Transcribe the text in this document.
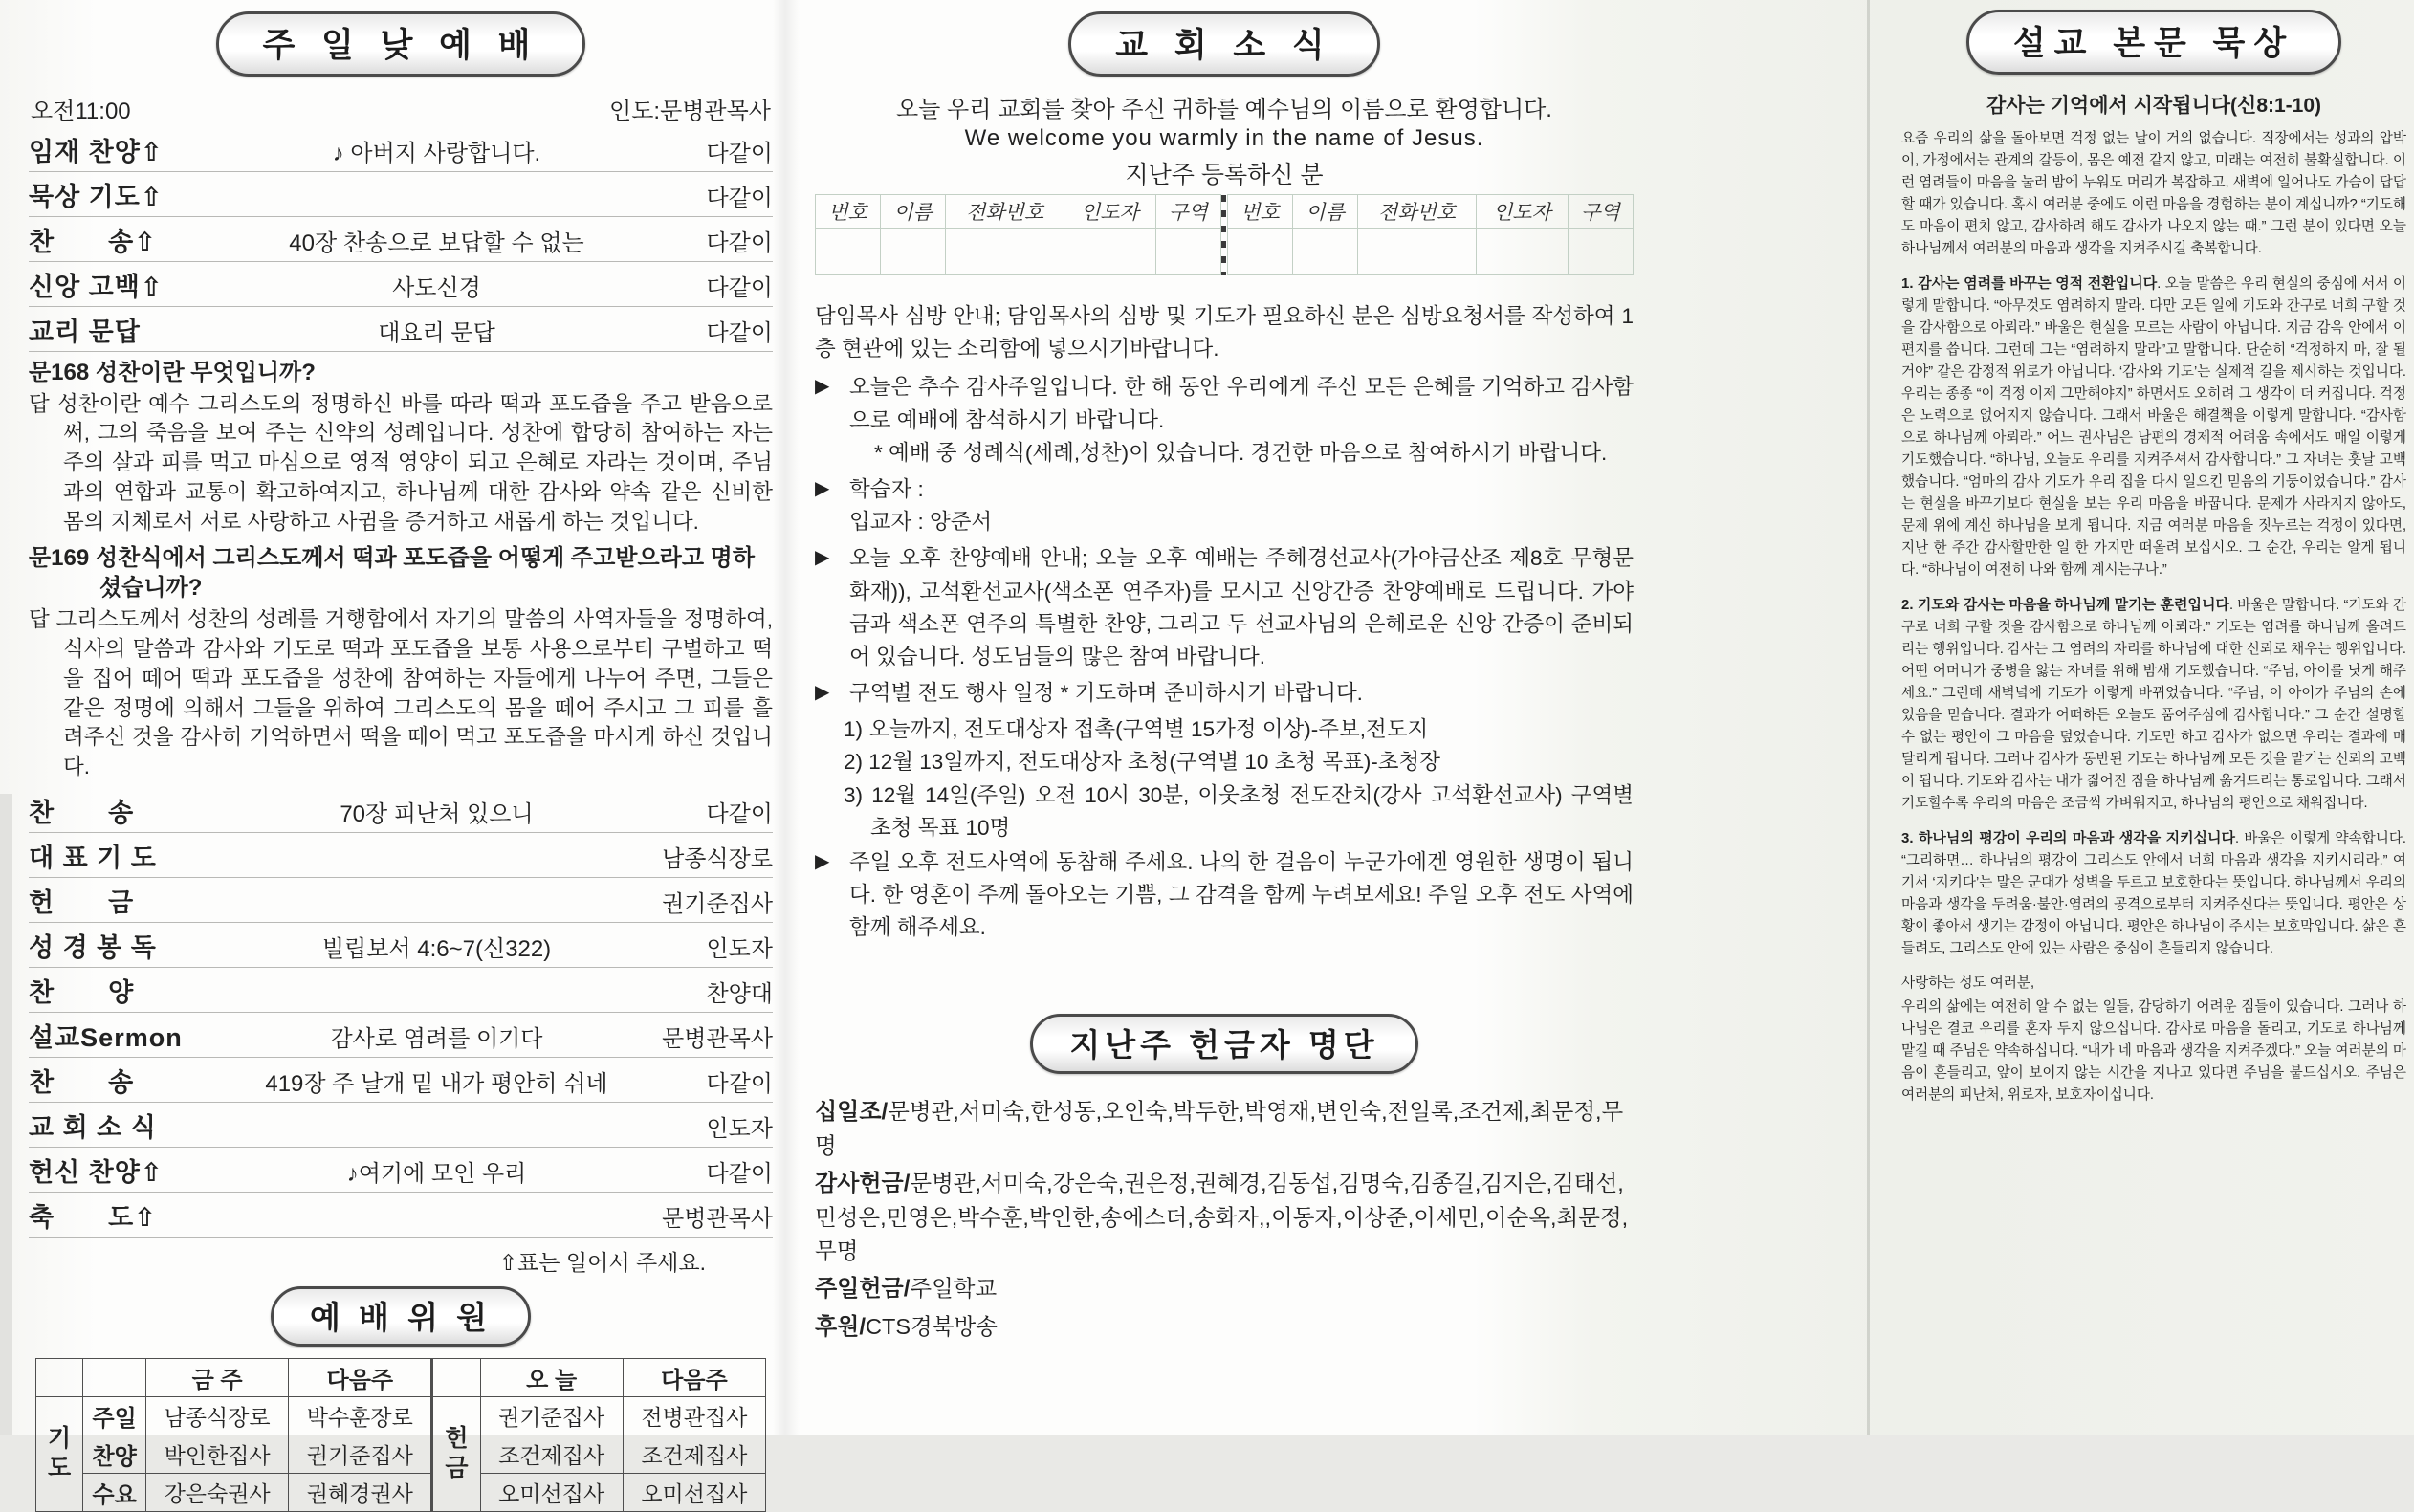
주 일 낮 예 배
오전11:00	인도:문병관목사
임재 찬양⇧	♪ 아버지 사랑합니다.	다같이
묵상 기도⇧	다같이
찬　　송⇧	40장 찬송으로 보답할 수 없는	다같이
신앙 고백⇧	사도신경	다같이
교리 문답	대요리 문답	다같이
문168 성찬이란 무엇입니까?
답 성찬이란 예수 그리스도의 정명하신 바를 따라 떡과 포도즙을 주고 받음으로써, 그의 죽음을 보여 주는 신약의 성례입니다. 성찬에 합당히 참여하는 자는 주의 살과 피를 먹고 마심으로 영적 영양이 되고 은혜로 자라는 것이며, 주님과의 연합과 교통이 확고하여지고, 하나님께 대한 감사와 약속 같은 신비한 몸의 지체로서 서로 사랑하고 사귐을 증거하고 새롭게 하는 것입니다.
문169 성찬식에서 그리스도께서 떡과 포도즙을 어떻게 주고받으라고 명하셨습니까?
답 그리스도께서 성찬의 성례를 거행함에서 자기의 말씀의 사역자들을 정명하여, 식사의 말씀과 감사와 기도로 떡과 포도즙을 보통 사용으로부터 구별하고 떡을 집어 떼어 떡과 포도즙을 성찬에 참여하는 자들에게 나누어 주면, 그들은 같은 정명에 의해서 그들을 위하여 그리스도의 몸을 떼어 주시고 그 피를 흘려주신 것을 감사히 기억하면서 떡을 떼어 먹고 포도즙을 마시게 하신 것입니다.
찬　　송	70장 피난처 있으니	다같이
대 표 기 도	남종식장로
헌　　금	권기준집사
성 경 봉 독	빌립보서 4:6~7(신322)	인도자
찬　　양	찬양대
설교Sermon	감사로 염려를 이기다	문병관목사
찬　　송	419장 주 날개 밑 내가 평안히 쉬네	다같이
교 회 소 식	인도자
헌신 찬양⇧	♪여기에 모인 우리	다같이
축　　도⇧	문병관목사
⇧표는 일어서 주세요.
예 배 위 원
		금 주	다음주		오 늘	다음주
기도	주일	남종식장로	박수훈장로	헌금	권기준집사	전병관집사
	찬양	박인한집사	권기준집사		조건제집사	조건제집사
	수요	강은숙권사	권혜경권사		오미선집사	오미선집사
교 회 소 식
오늘 우리 교회를 찾아 주신 귀하를 예수님의 이름으로 환영합니다.
We welcome you warmly in the name of Jesus.
지난주 등록하신 분
번호	이름	전화번호	인도자	구역		번호	이름	전화번호	인도자	구역

담임목사 심방 안내; 담임목사의 심방 및 기도가 필요하신 분은 심방요청서를 작성하여 1층 현관에 있는 소리함에 넣으시기바랍니다.
▶ 오늘은 추수 감사주일입니다. 한 해 동안 우리에게 주신 모든 은혜를 기억하고 감사함으로 예배에 참석하시기 바랍니다.
* 예배 중 성례식(세례,성찬)이 있습니다. 경건한 마음으로 참여하시기 바랍니다.
▶ 학습자 :
입교자 : 양준서
▶ 오늘 오후 찬양예배 안내; 오늘 오후 예배는 주혜경선교사(가야금산조 제8호 무형문화재)), 고석환선교사(색소폰 연주자)를 모시고 신앙간증 찬양예배로 드립니다. 가야금과 색소폰 연주의 특별한 찬양, 그리고 두 선교사님의 은혜로운 신앙 간증이 준비되어 있습니다. 성도님들의 많은 참여 바랍니다.
▶ 구역별 전도 행사 일정 * 기도하며 준비하시기 바랍니다.
1) 오늘까지, 전도대상자 접촉(구역별 15가정 이상)-주보,전도지
2) 12월 13일까지, 전도대상자 초청(구역별 10 초청 목표)-초청장
3) 12월 14일(주일) 오전 10시 30분, 이웃초청 전도잔치(강사 고석환선교사) 구역별 초청 목표 10명
▶ 주일 오후 전도사역에 동참해 주세요. 나의 한 걸음이 누군가에겐 영원한 생명이 됩니다. 한 영혼이 주께 돌아오는 기쁨, 그 감격을 함께 누려보세요! 주일 오후 전도 사역에 함께 해주세요.
지난주 헌금자 명단

십일조/문병관,서미숙,한성동,오인숙,박두한,박영재,변인숙,전일록,조건제,최문정,무명

감사헌금/문병관,서미숙,강은숙,권은정,권혜경,김동섭,김명숙,김종길,김지은,김태선,민성은,민영은,박수훈,박인한,송에스더,송화자,,이동자,이상준,이세민,이순옥,최문정,무명

주일헌금/주일학교

후원/CTS경북방송

설교 본문 묵상
감사는 기억에서 시작됩니다(신8:1-10)

요즘 우리의 삶을 돌아보면 걱정 없는 날이 거의 없습니다. 직장에서는 성과의 압박이, 가정에서는 관계의 갈등이, 몸은 예전 같지 않고, 미래는 여전히 불확실합니다. 이런 염려들이 마음을 눌러 밤에 누워도 머리가 복잡하고, 새벽에 일어나도 가슴이 답답할 때가 있습니다. 혹시 여러분 중에도 이런 마음을 경험하는 분이 계십니까? “기도해도 마음이 편치 않고, 감사하려 해도 감사가 나오지 않는 때.” 그런 분이 있다면 오늘 하나님께서 여러분의 마음과 생각을 지켜주시길 축복합니다.

1. 감사는 염려를 바꾸는 영적 전환입니다. 오늘 말씀은 우리 현실의 중심에 서서 이렇게 말합니다. “아무것도 염려하지 말라. 다만 모든 일에 기도와 간구로 너희 구할 것을 감사함으로 아뢰라.” 바울은 현실을 모르는 사람이 아닙니다. 지금 감옥 안에서 이 편지를 씁니다. 그런데 그는 “염려하지 말라”고 말합니다. 단순히 “걱정하지 마, 잘 될 거야” 같은 감정적 위로가 아닙니다. ‘감사와 기도’는 실제적 길을 제시하는 것입니다. 우리는 종종 “이 걱정 이제 그만해야지” 하면서도 오히려 그 생각이 더 커집니다. 걱정은 노력으로 없어지지 않습니다. 그래서 바울은 해결책을 이렇게 말합니다. “감사함으로 하나님께 아뢰라.” 어느 권사님은 남편의 경제적 어려움 속에서도 매일 이렇게 기도했습니다. “하나님, 오늘도 우리를 지켜주셔서 감사합니다.” 그 자녀는 훗날 고백했습니다. “엄마의 감사 기도가 우리 집을 다시 일으킨 믿음의 기둥이었습니다.” 감사는 현실을 바꾸기보다 현실을 보는 우리 마음을 바꿉니다. 문제가 사라지지 않아도, 문제 위에 계신 하나님을 보게 됩니다. 지금 여러분 마음을 짓누르는 걱정이 있다면, 지난 한 주간 감사할만한 일 한 가지만 떠올려 보십시오. 그 순간, 우리는 알게 됩니다. “하나님이 여전히 나와 함께 계시는구나.”

2. 기도와 감사는 마음을 하나님께 맡기는 훈련입니다. 바울은 말합니다. “기도와 간구로 너희 구할 것을 감사함으로 하나님께 아뢰라.” 기도는 염려를 하나님께 올려드리는 행위입니다. 감사는 그 염려의 자리를 하나님에 대한 신뢰로 채우는 행위입니다. 어떤 어머니가 중병을 앓는 자녀를 위해 밤새 기도했습니다. “주님, 아이를 낫게 해주세요.” 그런데 새벽녘에 기도가 이렇게 바뀌었습니다. “주님, 이 아이가 주님의 손에 있음을 믿습니다. 결과가 어떠하든 오늘도 품어주심에 감사합니다.” 그 순간 설명할 수 없는 평안이 그 마음을 덮었습니다. 기도만 하고 감사가 없으면 우리는 결과에 매달리게 됩니다. 그러나 감사가 동반된 기도는 하나님께 모든 것을 맡기는 신뢰의 고백이 됩니다. 기도와 감사는 내가 짊어진 짐을 하나님께 옮겨드리는 통로입니다. 그래서 기도할수록 우리의 마음은 조금씩 가벼워지고, 하나님의 평안으로 채워집니다.

3. 하나님의 평강이 우리의 마음과 생각을 지키십니다. 바울은 이렇게 약속합니다. “그리하면… 하나님의 평강이 그리스도 안에서 너희 마음과 생각을 지키시리라.” 여기서 ‘지키다’는 말은 군대가 성벽을 두르고 보호한다는 뜻입니다. 하나님께서 우리의 마음과 생각을 두려움·불안·염려의 공격으로부터 지켜주신다는 뜻입니다. 평안은 상황이 좋아서 생기는 감정이 아닙니다. 평안은 하나님이 주시는 보호막입니다. 삶은 흔들려도, 그리스도 안에 있는 사람은 중심이 흔들리지 않습니다.

사랑하는 성도 여러분,

우리의 삶에는 여전히 알 수 없는 일들, 감당하기 어려운 짐들이 있습니다. 그러나 하나님은 결코 우리를 혼자 두지 않으십니다. 감사로 마음을 돌리고, 기도로 하나님께 맡길 때 주님은 약속하십니다. “내가 네 마음과 생각을 지켜주겠다.” 오늘 여러분의 마음이 흔들리고, 앞이 보이지 않는 시간을 지나고 있다면 주님을 붙드십시오. 주님은 여러분의 피난처, 위로자, 보호자이십니다.
